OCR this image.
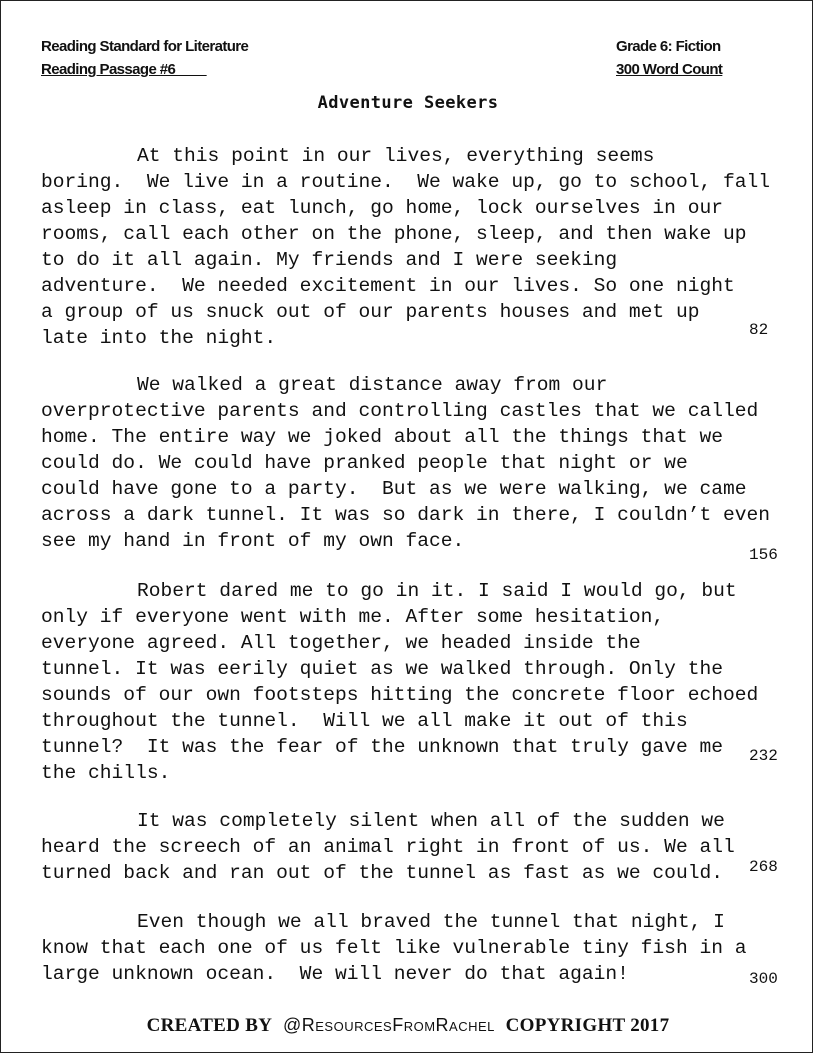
Reading Standard for Literature
Reading Passage #6____
Grade 6: Fiction
300 Word Count
Adventure Seekers
At this point in our lives, everything seems
boring.  We live in a routine.  We wake up, go to school, fall
asleep in class, eat lunch, go home, lock ourselves in our
rooms, call each other on the phone, sleep, and then wake up
to do it all again. My friends and I were seeking
adventure.  We needed excitement in our lives. So one night
a group of us snuck out of our parents houses and met up
late into the night.	82
We walked a great distance away from our
overprotective parents and controlling castles that we called
home. The entire way we joked about all the things that we
could do. We could have pranked people that night or we
could have gone to a party.  But as we were walking, we came
across a dark tunnel. It was so dark in there, I couldn’t even
see my hand in front of my own face.
156
Robert dared me to go in it. I said I would go, but
only if everyone went with me. After some hesitation,
everyone agreed. All together, we headed inside the
tunnel. It was eerily quiet as we walked through. Only the
sounds of our own footsteps hitting the concrete floor echoed
throughout the tunnel.  Will we all make it out of this
tunnel?  It was the fear of the unknown that truly gave me
the chills.
232
It was completely silent when all of the sudden we
heard the screech of an animal right in front of us. We all
turned back and ran out of the tunnel as fast as we could.	268
Even though we all braved the tunnel that night, I
know that each one of us felt like vulnerable tiny fish in a
large unknown ocean.  We will never do that again!	300
CREATED BY @ResourcesFromRachel COPYRIGHT 2017
